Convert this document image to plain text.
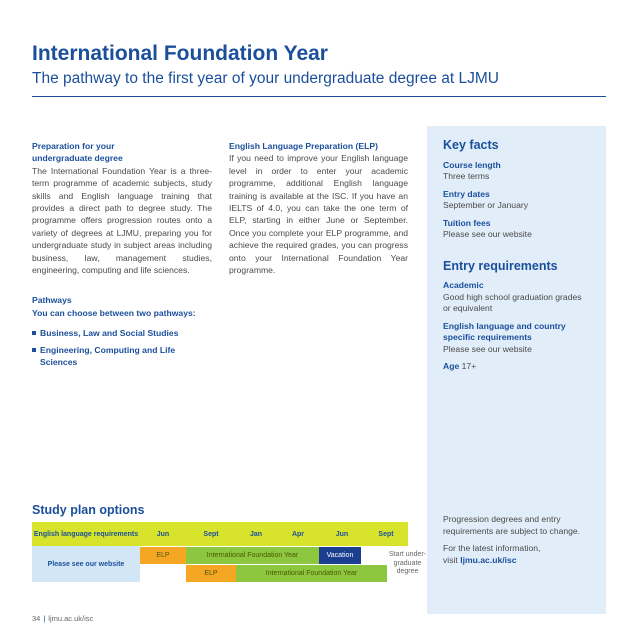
International Foundation Year
The pathway to the first year of your undergraduate degree at LJMU
Preparation for your
undergraduate degree

The International Foundation Year is a three-term programme of academic subjects, study skills and English language training that provides a direct path to degree study. The programme offers progression routes onto a variety of degrees at LJMU, preparing you for undergraduate study in subject areas including business, law, management studies, engineering, computing and life sciences.

Pathways

You can choose between two pathways:

Business, Law and Social Studies
Engineering, Computing and Life Sciences
English Language Preparation (ELP)

If you need to improve your English language level in order to enter your academic programme, additional English language training is available at the ISC. If you have an IELTS of 4.0, you can take the one term of ELP, starting in either June or September. Once you complete your ELP programme, and achieve the required grades, you can progress onto your International Foundation Year programme.

Key facts
Course length
Three terms
Entry dates
September or January
Tuition fees
Please see our website
Entry requirements
Academic
Good high school graduation grades or equivalent
English language and country specific requirements
Please see our website
Age 17+

Progression degrees and entry requirements are subject to change.

For the latest information,
visit ljmu.ac.uk/isc

Study plan options
English language requirements	Jun	Sept	Jan	Apr	Jun	Sept
Please see our website
ELP	International Foundation Year	Vacation
ELP	International Foundation Year
Start under-graduate degree
34 | ljmu.ac.uk/isc
